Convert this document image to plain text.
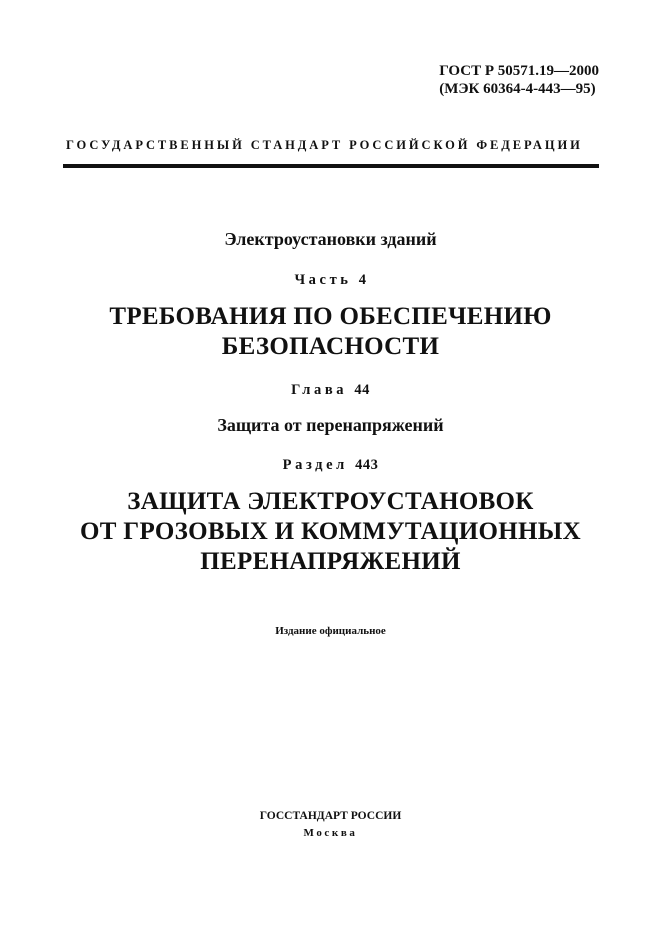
ГОСТ Р 50571.19—2000
(МЭК 60364-4-443—95)
ГОСУДАРСТВЕННЫЙ СТАНДАРТ РОССИЙСКОЙ ФЕДЕРАЦИИ
Электроустановки зданий
Часть 4
ТРЕБОВАНИЯ ПО ОБЕСПЕЧЕНИЮ
БЕЗОПАСНОСТИ
Глава 44
Защита от перенапряжений
Раздел 443
ЗАЩИТА ЭЛЕКТРОУСТАНОВОК
ОТ ГРОЗОВЫХ И КОММУТАЦИОННЫХ
ПЕРЕНАПРЯЖЕНИЙ
Издание официальное
ГОССТАНДАРТ РОССИИ
Москва
